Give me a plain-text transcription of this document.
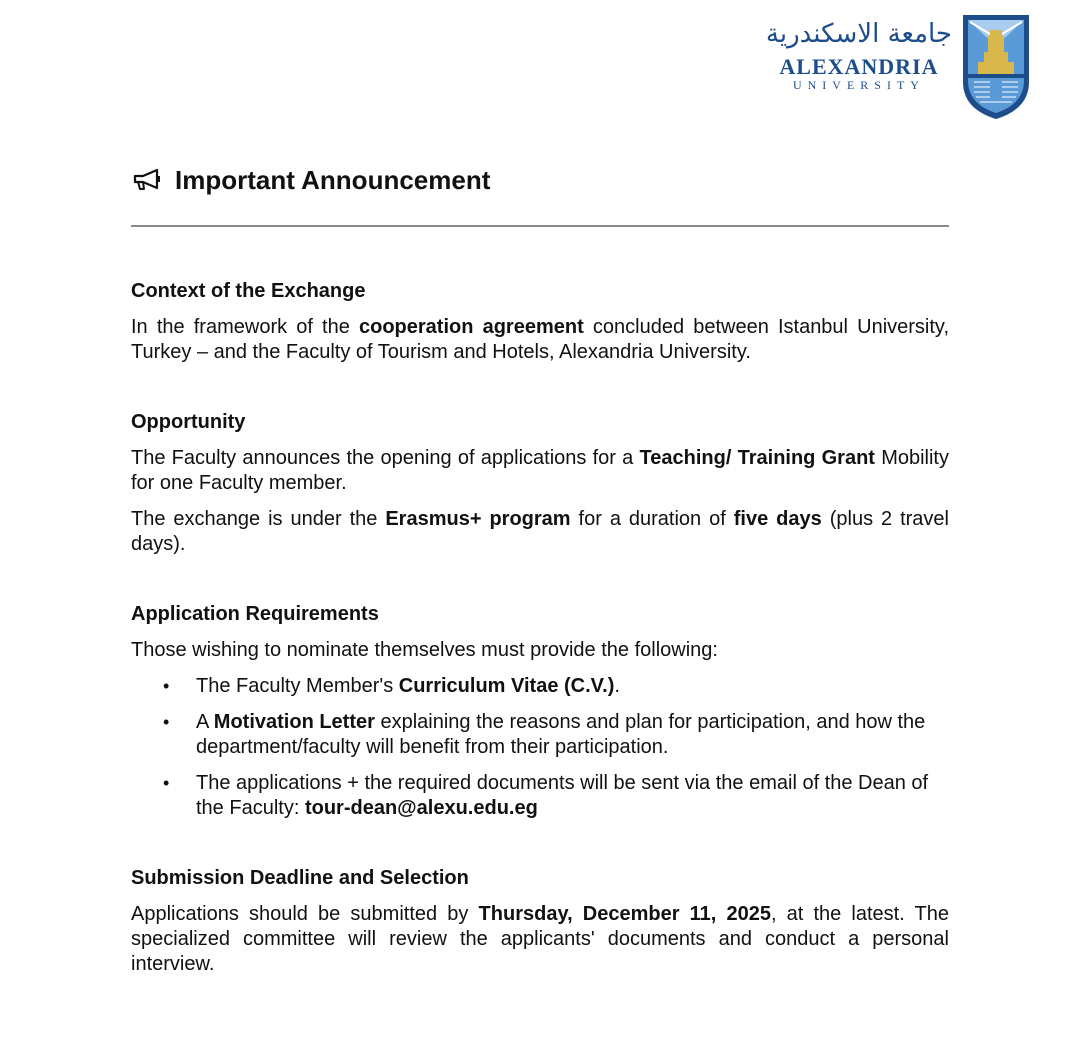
جامعة الاسكندرية
ALEXANDRIA
UNIVERSITY
Important Announcement

Context of the Exchange

In the framework of the cooperation agreement concluded between Istanbul University, Turkey – and the Faculty of Tourism and Hotels, Alexandria University.

Opportunity

The Faculty announces the opening of applications for a Teaching/ Training Grant Mobility for one Faculty member.

The exchange is under the Erasmus+ program for a duration of five days (plus 2 travel days).

Application Requirements

Those wishing to nominate themselves must provide the following:

• The Faculty Member's Curriculum Vitae (C.V.).
• A Motivation Letter explaining the reasons and plan for participation, and how the department/faculty will benefit from their participation.
• The applications + the required documents will be sent via the email of the Dean of the Faculty: tour-dean@alexu.edu.eg

Submission Deadline and Selection

Applications should be submitted by Thursday, December 11, 2025, at the latest. The specialized committee will review the applicants' documents and conduct a personal interview.
